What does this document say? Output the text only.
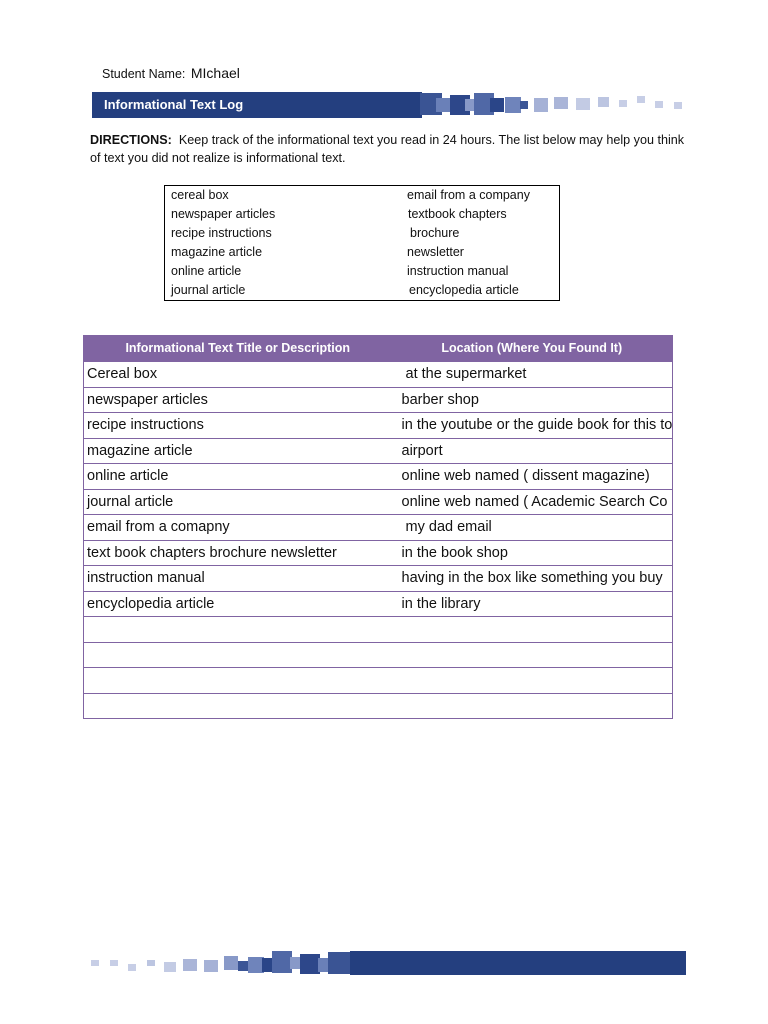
Student Name: MIchael
Informational Text Log
DIRECTIONS: Keep track of the informational text you read in 24 hours. The list below may help you think of text you did not realize is informational text.
cereal box
newspaper articles
recipe instructions
magazine article
online article
journal article
email from a company
textbook chapters
brochure
newsletter
instruction manual
encyclopedia article
Informational Text Title or Description	Location (Where You Found It)
Cereal box	at the supermarket
newspaper articles	barber shop
recipe instructions	in the youtube or the guide book for this to
magazine article	airport
online article	online web named ( dissent magazine)
journal article	online web named ( Academic Search Co
email from a comapny	my dad email
text book chapters brochure newsletter	in the book shop
instruction manual	having in the box like something you buy
encyclopedia article	in the library
